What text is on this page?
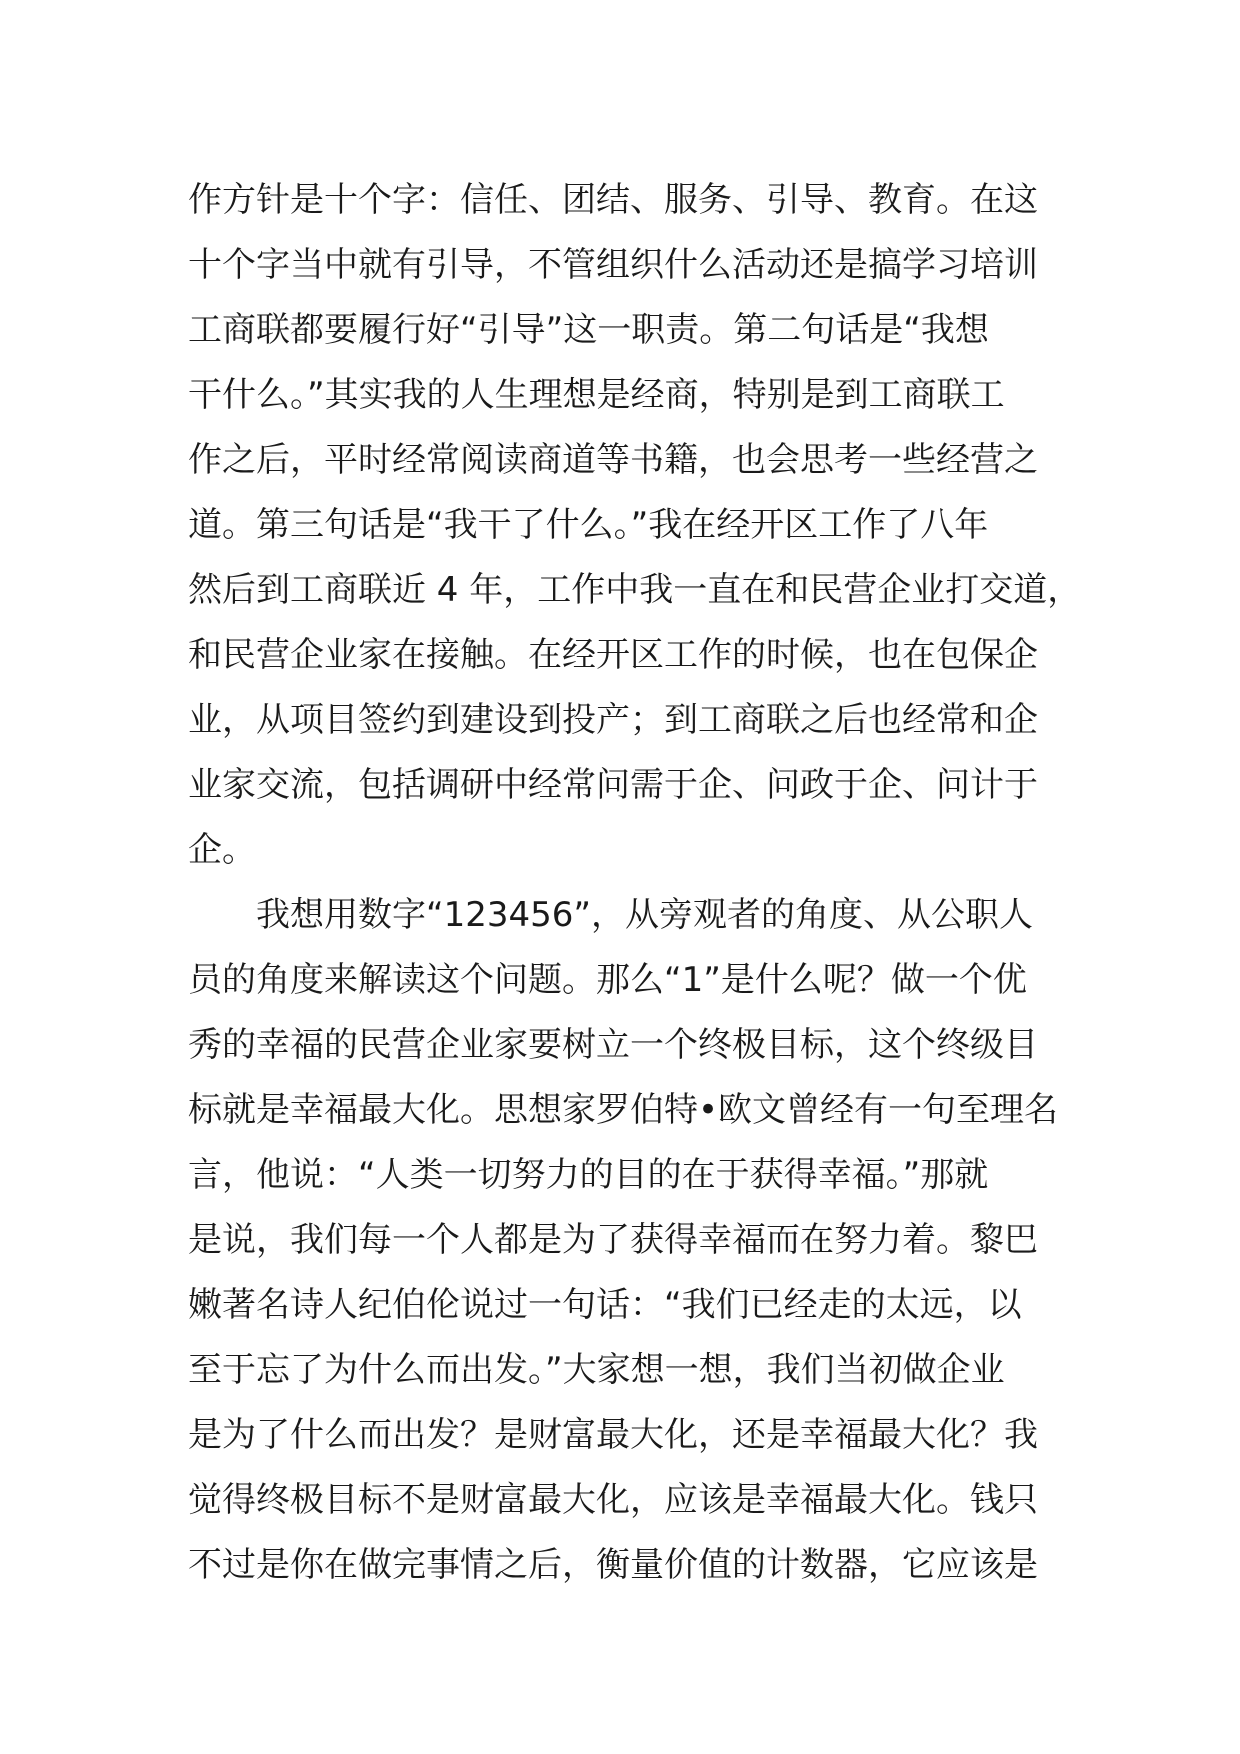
作方针是十个字：信任、团结、服务、引导、教育。在这
十个字当中就有引导，不管组织什么活动还是搞学习培训
工商联都要履行好“引导”这一职责。第二句话是“我想
干什么。”其实我的人生理想是经商，特别是到工商联工
作之后，平时经常阅读商道等书籍，也会思考一些经营之
道。第三句话是“我干了什么。”我在经开区工作了八年
然后到工商联近 4 年，工作中我一直在和民营企业打交道，
和民营企业家在接触。在经开区工作的时候，也在包保企
业，从项目签约到建设到投产；到工商联之后也经常和企
业家交流，包括调研中经常问需于企、问政于企、问计于
企。
我想用数字“123456”，从旁观者的角度、从公职人
员的角度来解读这个问题。那么“1”是什么呢？做一个优
秀的幸福的民营企业家要树立一个终极目标，这个终级目
标就是幸福最大化。思想家罗伯特•欧文曾经有一句至理名
言，他说：“人类一切努力的目的在于获得幸福。”那就
是说，我们每一个人都是为了获得幸福而在努力着。黎巴
嫩著名诗人纪伯伦说过一句话：“我们已经走的太远，以
至于忘了为什么而出发。”大家想一想，我们当初做企业
是为了什么而出发？是财富最大化，还是幸福最大化？我
觉得终极目标不是财富最大化，应该是幸福最大化。钱只
不过是你在做完事情之后，衡量价值的计数器，它应该是
